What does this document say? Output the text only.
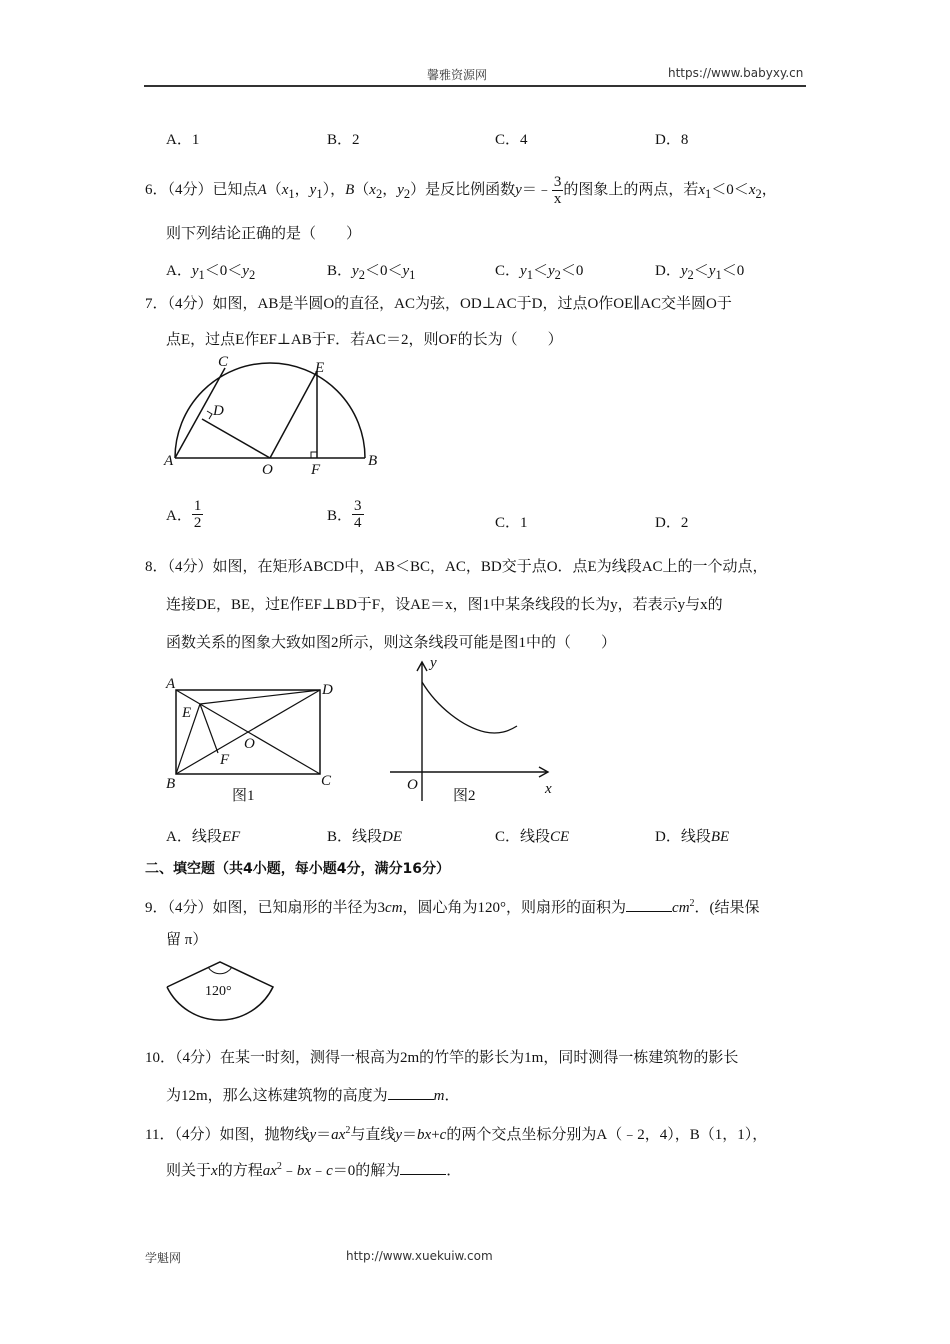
馨雅资源网	https://www.babyxy.cn
A．1	B．2	C．4	D．8
6．（4分）已知点$A(x_1$，$y_1$），$B(x_2$，$y_2$）是反比例函数y＝﹣ $\frac{3}{x}$ 的图象上的两点，若$x_1<0<x_2$，
则下列结论正确的是（　　）
A．$y_1<0<y_2$	B．$y_2<0<y_1$	C．$y_1<y_2<0$	D．$y_2<y_1<0$
7．（4分）如图，AB是半圆O的直径，AC为弦，OD⊥AC于D，过点O作OE∥AC交半圆O于
点E，过点E作EF⊥AB于F．若AC＝2，则OF的长为（　　）
A	B
C
D
E
F
O
A． $\frac{1}{2}$	B． $\frac{3}{4}$	C．1	D．2
8．（4分）如图，在矩形ABCD中，AB＜BC，AC，BD交于点O．点E为线段AC上的一个动点，
连接DE，BE，过E作EF⊥BD于F，设AE＝x，图1中某条线段的长为y，若表示y与x的
函数关系的图象大致如图2所示，则这条线段可能是图1中的（　　）
A
B	C
D
E
F
O
图1
y
x
O
图2
A．线段EF	B．线段DE	C．线段CE	D．线段BE
二、填空题（共4小题，每小题4分，满分16分）
9．（4分）如图，已知扇形的半径为3cm，圆心角为120°，则扇形的面积为	$cm^2$．(结果保
留 π）
120°
10．（4分）在某一时刻，测得一根高为2m的竹竿的影长为1m，同时测得一栋建筑物的影长
为12m，那么这栋建筑物的高度为	m．
11．（4分）如图，抛物线$y=ax^2$与直线y＝bx+c的两个交点坐标分别为A（﹣2，4），B（1，1），
则关于x的方程$ax^2﹣bx﹣c=0$的解为	．
学魁网	http://www.xuekuiw.com
